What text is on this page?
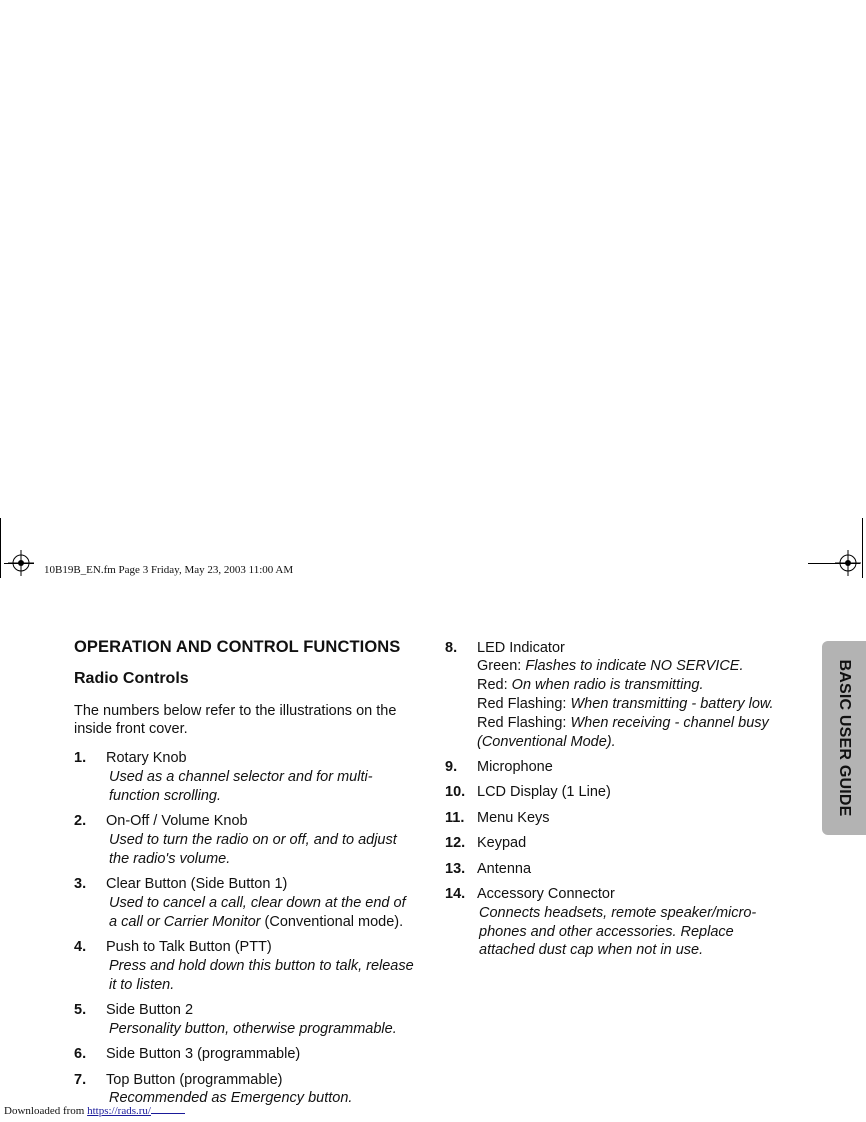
10B19B_EN.fm Page 3 Friday, May 23, 2003 11:00 AM
OPERATION AND CONTROL FUNCTIONS
Radio Controls
The numbers below refer to the illustrations on the inside front cover.
1. Rotary Knob
Used as a channel selector and for multi-
function scrolling.
2. On-Off / Volume Knob
Used to turn the radio on or off, and to adjust
the radio's volume.
3. Clear Button (Side Button 1)
Used to cancel a call, clear down at the end of
a call or Carrier Monitor (Conventional mode).
4. Push to Talk Button (PTT)
Press and hold down this button to talk, release
it to listen.
5. Side Button 2
Personality button, otherwise programmable.
6. Side Button 3 (programmable)
7. Top Button (programmable)
Recommended as Emergency button.
8. LED Indicator
Green: Flashes to indicate NO SERVICE.
Red: On when radio is transmitting.
Red Flashing: When transmitting - battery low.
Red Flashing: When receiving - channel busy
(Conventional Mode).
9. Microphone
10. LCD Display (1 Line)
11. Menu Keys
12. Keypad
13. Antenna
14. Accessory Connector
Connects headsets, remote speaker/micro-
phones and other accessories. Replace
attached dust cap when not in use.
BASIC USER GUIDE
Downloaded from https://rads.ru/
